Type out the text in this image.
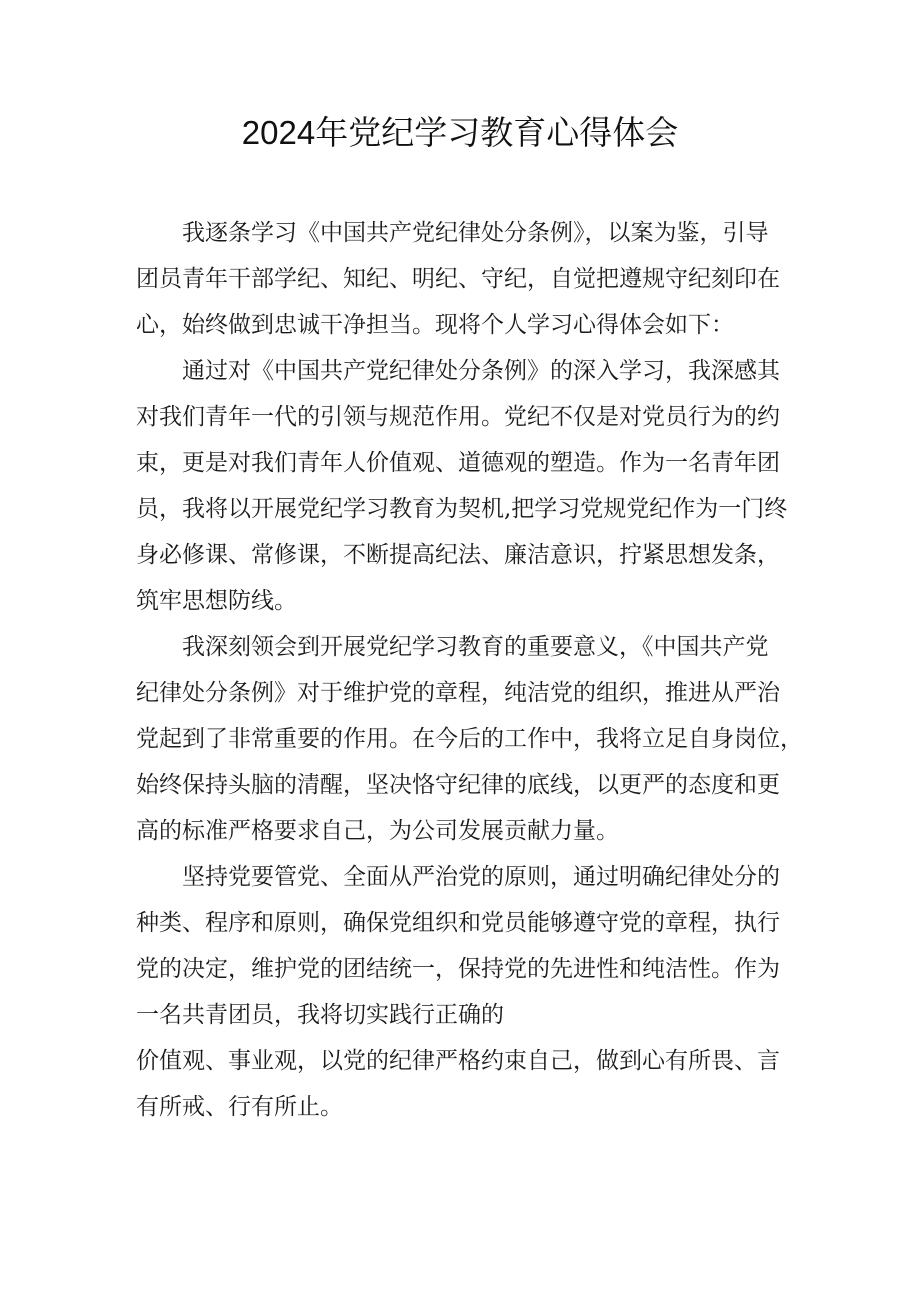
2024年党纪学习教育心得体会

我逐条学习《中国共产党纪律处分条例》，以案为鉴，引导
团员青年干部学纪、知纪、明纪、守纪，自觉把遵规守纪刻印在
心，始终做到忠诚干净担当。现将个人学习心得体会如下：

通过对《中国共产党纪律处分条例》的深入学习，我深感其
对我们青年一代的引领与规范作用。党纪不仅是对党员行为的约
束，更是对我们青年人价值观、道德观的塑造。作为一名青年团
员，我将以开展党纪学习教育为契机,把学习党规党纪作为一门终
身必修课、常修课，不断提高纪法、廉洁意识，拧紧思想发条，
筑牢思想防线。

我深刻领会到开展党纪学习教育的重要意义，《中国共产党
纪律处分条例》对于维护党的章程，纯洁党的组织，推进从严治
党起到了非常重要的作用。在今后的工作中，我将立足自身岗位，
始终保持头脑的清醒，坚决恪守纪律的底线，以更严的态度和更
高的标准严格要求自己，为公司发展贡献力量。

坚持党要管党、全面从严治党的原则，通过明确纪律处分的
种类、程序和原则，确保党组织和党员能够遵守党的章程，执行
党的决定，维护党的团结统一，保持党的先进性和纯洁性。作为
一名共青团员，我将切实践行正确的

价值观、事业观，以党的纪律严格约束自己，做到心有所畏、言
有所戒、行有所止。
